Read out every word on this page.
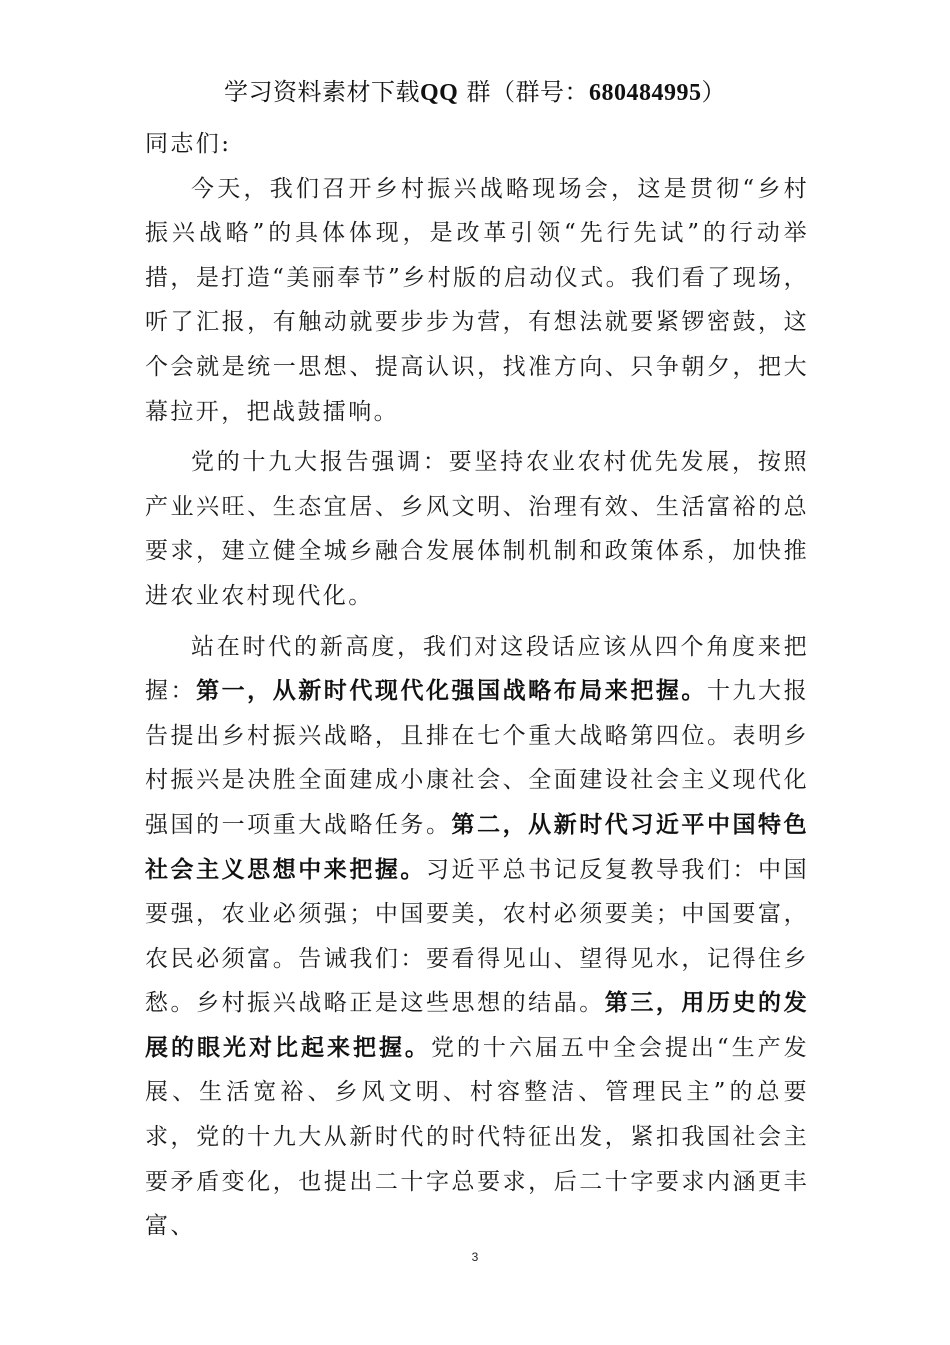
学习资料素材下载QQ 群（群号：680484995）

同志们:

今天，我们召开乡村振兴战略现场会，这是贯彻“乡村振兴战略”的具体体现，是改革引领“先行先试”的行动举措，是打造“美丽奉节”乡村版的启动仪式。我们看了现场，听了汇报，有触动就要步步为营，有想法就要紧锣密鼓，这个会就是统一思想、提高认识，找准方向、只争朝夕，把大幕拉开，把战鼓擂响。

党的十九大报告强调：要坚持农业农村优先发展，按照产业兴旺、生态宜居、乡风文明、治理有效、生活富裕的总要求，建立健全城乡融合发展体制机制和政策体系，加快推进农业农村现代化。

站在时代的新高度，我们对这段话应该从四个角度来把握：第一，从新时代现代化强国战略布局来把握。十九大报告提出乡村振兴战略，且排在七个重大战略第四位。表明乡村振兴是决胜全面建成小康社会、全面建设社会主义现代化强国的一项重大战略任务。第二，从新时代习近平中国特色社会主义思想中来把握。习近平总书记反复教导我们：中国要强，农业必须强；中国要美，农村必须要美；中国要富，农民必须富。告诫我们：要看得见山、望得见水，记得住乡愁。乡村振兴战略正是这些思想的结晶。第三，用历史的发展的眼光对比起来把握。党的十六届五中全会提出“生产发展、生活宽裕、乡风文明、村容整洁、管理民主”的总要求，党的十九大从新时代的时代特征出发，紧扣我国社会主要矛盾变化，也提出二十字总要求，后二十字要求内涵更丰富、

3
